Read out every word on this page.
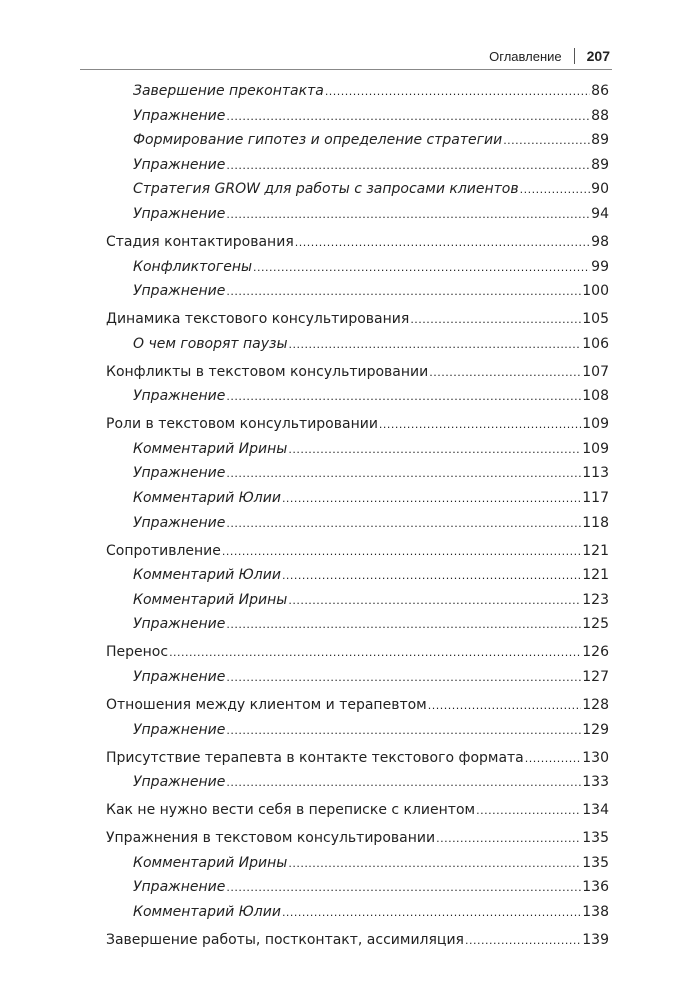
Оглавление 207
Завершение преконтакта .....	86
Упражнение .....	88
Формирование гипотез и определение стратегии .....	89
Упражнение .....	89
Стратегия GROW для работы с запросами клиентов .....	90
Упражнение .....	94
Стадия контактирования .....	98
Конфликтогены .....	99
Упражнение .....	100
Динамика текстового консультирования .....	105
О чем говорят паузы .....	106
Конфликты в текстовом консультировании .....	107
Упражнение .....	108
Роли в текстовом консультировании .....	109
Комментарий Ирины .....	109
Упражнение .....	113
Комментарий Юлии .....	117
Упражнение .....	118
Сопротивление .....	121
Комментарий Юлии .....	121
Комментарий Ирины .....	123
Упражнение .....	125
Перенос .....	126
Упражнение .....	127
Отношения между клиентом и терапевтом .....	128
Упражнение .....	129
Присутствие терапевта в контакте текстового формата .....	130
Упражнение .....	133
Как не нужно вести себя в переписке с клиентом .....	134
Упражнения в текстовом консультировании .....	135
Комментарий Ирины .....	135
Упражнение .....	136
Комментарий Юлии .....	138
Завершение работы, постконтакт, ассимиляция .....	139
